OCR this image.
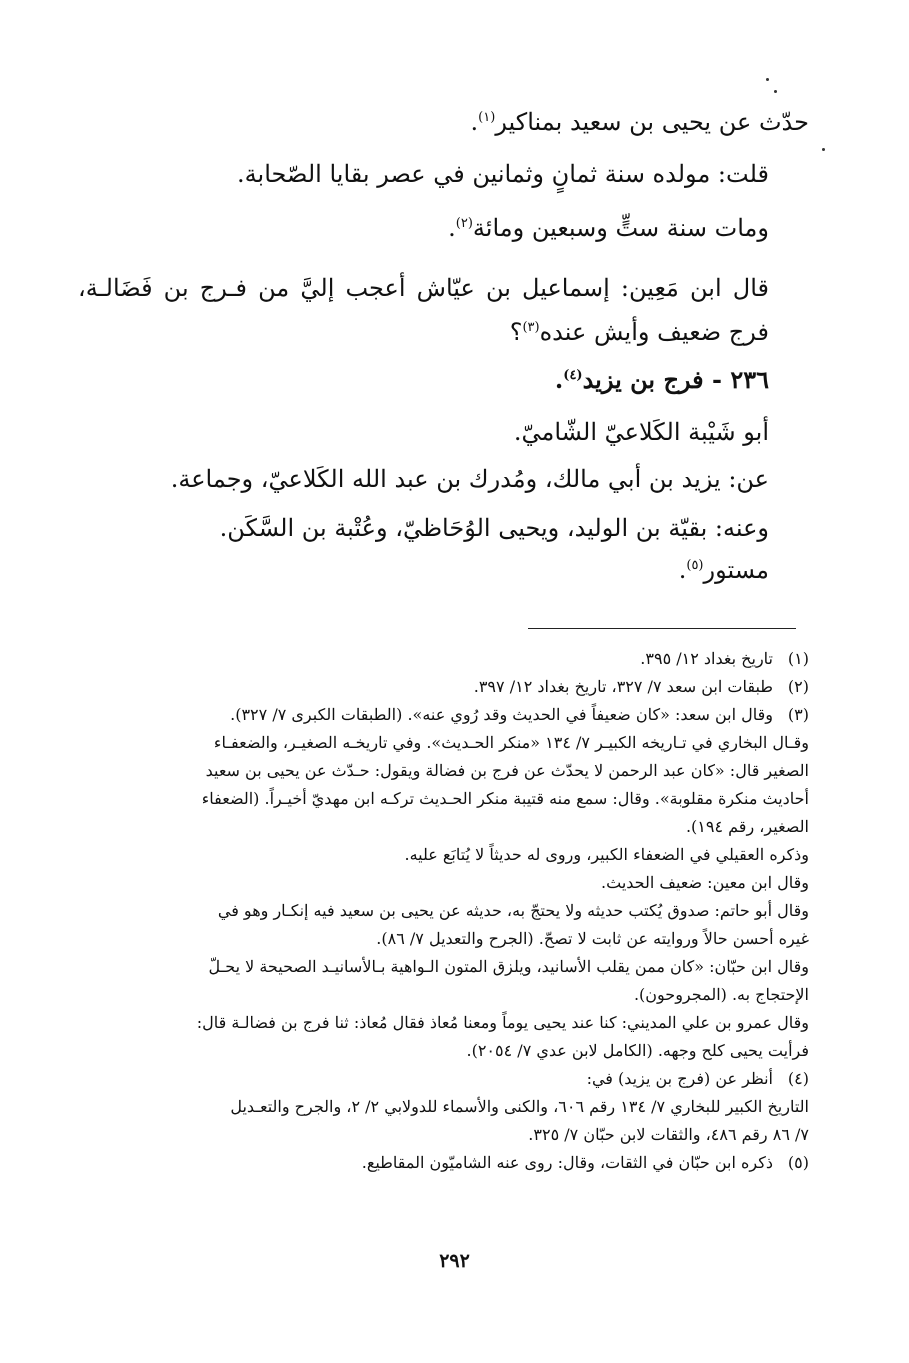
حدّث عن يحيى بن سعيد بمناكير$^{(١)}$.

قلت: مولده سنة ثمانٍ وثمانين في عصر بقايا الصّحابة.

ومات سنة ستٍّ وسبعين ومائة$^{(٢)}$.

قال ابن مَعِين: إسماعيل بن عيّاش أعجب إليَّ من فـرج بن فَضَالـة، فرج ضعيف وأيش عنده$^{(٣)}$؟

٢٣٦ - فرج بن يزيد$^{(٤)}$.

أبو شَيْبة الكَلاعيّ الشّاميّ.

عن: يزيد بن أبي مالك، ومُدرك بن عبد الله الكَلاعيّ، وجماعة.

وعنه: بقيّة بن الوليد، ويحيى الوُحَاظيّ، وعُتْبة بن السَّكَن.

مستور$^{(٥)}$.

(١)
تاريخ بغداد ١٢/ ٣٩٥.
(٢)
طبقات ابن سعد ٧/ ٣٢٧، تاريخ بغداد ١٢/ ٣٩٧.
(٣)
وقال ابن سعد: «كان ضعيفاً في الحديث وقد رُوي عنه». (الطبقات الكبرى ٧/ ٣٢٧).
وقـال البخاري في تـاريخه الكبيـر ٧/ ١٣٤ «منكر الحـديث». وفي تاريخـه الصغيـر، والضعفـاء
الصغير قال: «كان عبد الرحمن لا يحدّث عن فرج بن فضالة ويقول: حـدّث عن يحيى بن سعيد
أحاديث منكرة مقلوبة». وقال: سمع منه قتيبة منكر الحـديث تركـه ابن مهديّ أخيـراً. (الضعفاء
الصغير، رقم ١٩٤).
وذكره العقيلي في الضعفاء الكبير، وروى له حديثاً لا يُتابَع عليه.
وقال ابن معين: ضعيف الحديث.
وقال أبو حاتم: صدوق يُكتب حديثه ولا يحتجّ به، حديثه عن يحيى بن سعيد فيه إنكـار وهو في
غيره أحسن حالاً وروايته عن ثابت لا تصحّ. (الجرح والتعديل ٧/ ٨٦).
وقال ابن حبّان: «كان ممن يقلب الأسانيد، ويلزق المتون الـواهية بـالأسانيـد الصحيحة لا يحـلّ
الإحتجاج به. (المجروحون).
وقال عمرو بن علي المديني: كنا عند يحيى يوماً ومعنا مُعاذ فقال مُعاذ: ثنا فرج بن فضالـة قال:
فرأيت يحيى كلح وجهه. (الكامل لابن عدي ٧/ ٢٠٥٤).
(٤)
أنظر عن (فرج بن يزيد) في:
التاريخ الكبير للبخاري ٧/ ١٣٤ رقم ٦٠٦، والكنى والأسماء للدولابي ٢/ ٢، والجرح والتعـديل
٧/ ٨٦ رقم ٤٨٦، والثقات لابن حبّان ٧/ ٣٢٥.
(٥)
ذكره ابن حبّان في الثقات، وقال: روى عنه الشاميّون المقاطيع.
٢٩٢
